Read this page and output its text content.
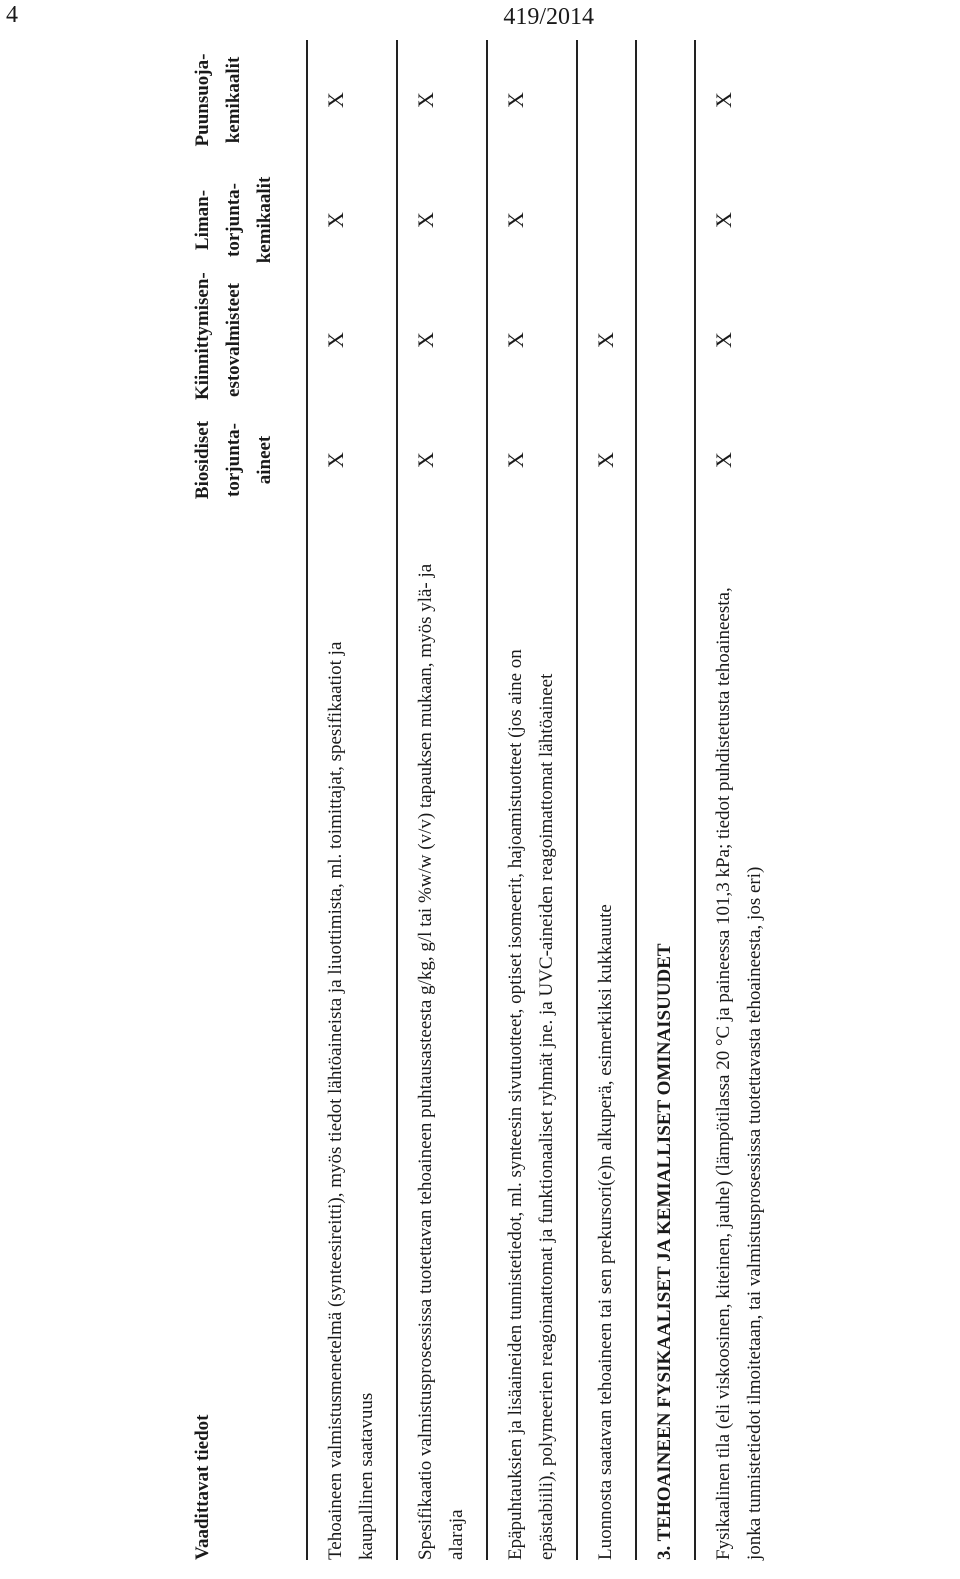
4	419/2014
Vaadittavat tiedot	Biosidiset torjunta-aineet	Kiinnittymisen-estovalmisteet	Liman-torjunta-kemikaalit	Puunsuoja-kemikaalit
Tehoaineen valmistusmenetelmä (synteesireitti), myös tiedot lähtöaineista ja liuottimista, ml. toimittajat, spesifikaatiot ja kaupallinen saatavuus	X	X	X	X
Spesifikaatio valmistusprosessissa tuotettavan tehoaineen puhtausasteesta g/kg, g/l tai %w/w (v/v) tapauksen mukaan, myös ylä- ja alaraja	X	X	X	X
Epäpuhtauksien ja lisäaineiden tunnistetiedot, ml. synteesin sivutuotteet, optiset isomeerit, hajoamistuotteet (jos aine on epästabiili), polymeerien reagoimattomat ja funktionaaliset ryhmät jne. ja UVC-aineiden reagoimattomat lähtöaineet	X	X	X	X
Luonnosta saatavan tehoaineen tai sen prekursori(e)n alkuperä, esimerkiksi kukkauute	X	X		
3. TEHOAINEEN FYSIKAALISET JA KEMIALLISET OMINAISUUDET				
Fysikaalinen tila (eli viskoosinen, kiteinen, jauhe) (lämpötilassa 20 °C ja paineessa 101,3 kPa; tiedot puhdistetusta tehoaineesta, jonka tunnistetiedot ilmoitetaan, tai valmistusprosessissa tuotettavasta tehoaineesta, jos eri)	X	X	X	X
